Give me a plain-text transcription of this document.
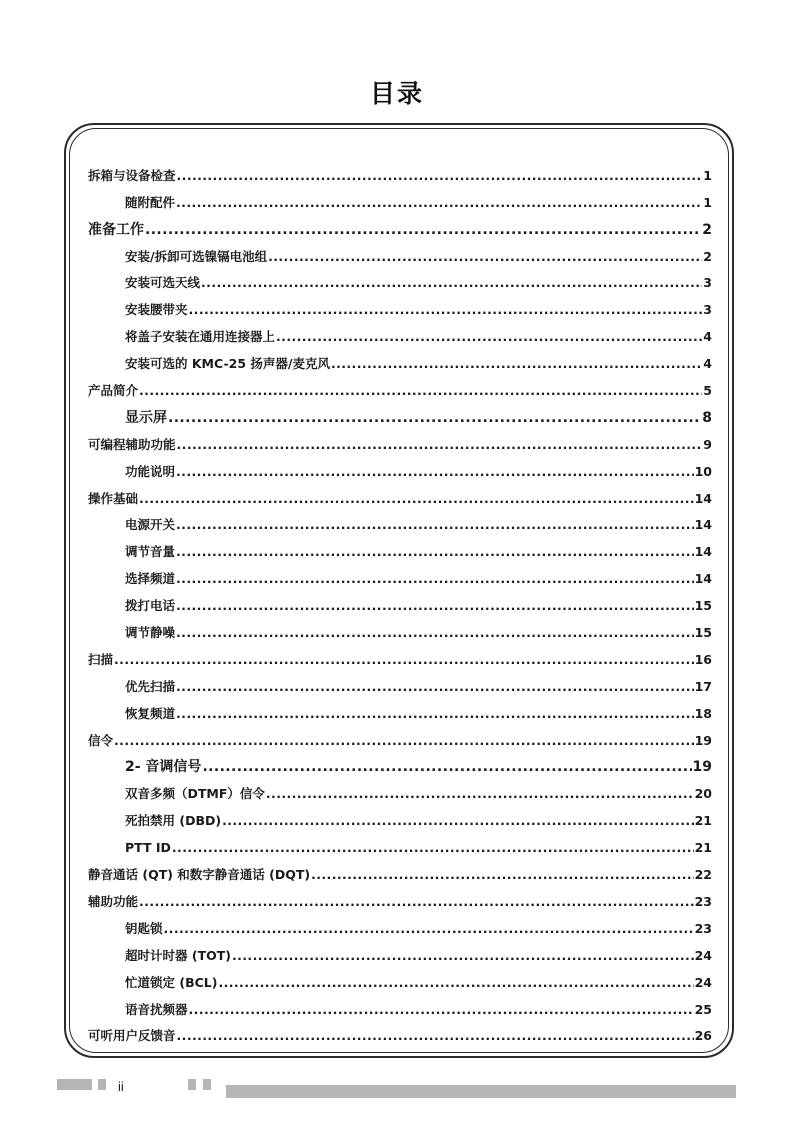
目录
拆箱与设备检查 .....	1
随附配件 .....	1
准备工作 .....	2
安装/拆卸可选镍镉电池组 .....	2
安装可选天线 .....	3
安装腰带夹 .....	3
将盖子安装在通用连接器上 .....	4
安装可选的 KMC-25 扬声器/麦克风 .....	4
产品简介 .....	5
显示屏 .....	8
可编程辅助功能 .....	9
功能说明 .....	10
操作基础 .....	14
电源开关 .....	14
调节音量 .....	14
选择频道 .....	14
拨打电话 .....	15
调节静噪 .....	15
扫描 .....	16
优先扫描 .....	17
恢复频道 .....	18
信令 .....	19
2- 音调信号 .....	19
双音多频（DTMF）信令 .....	20
死拍禁用 (DBD) .....	21
PTT ID .....	21
静音通话 (QT) 和数字静音通话 (DQT) .....	22
辅助功能 .....	23
钥匙锁 .....	23
超时计时器 (TOT) .....	24
忙道锁定 (BCL) .....	24
语音扰频器 .....	25
可听用户反馈音 .....	26
ii
